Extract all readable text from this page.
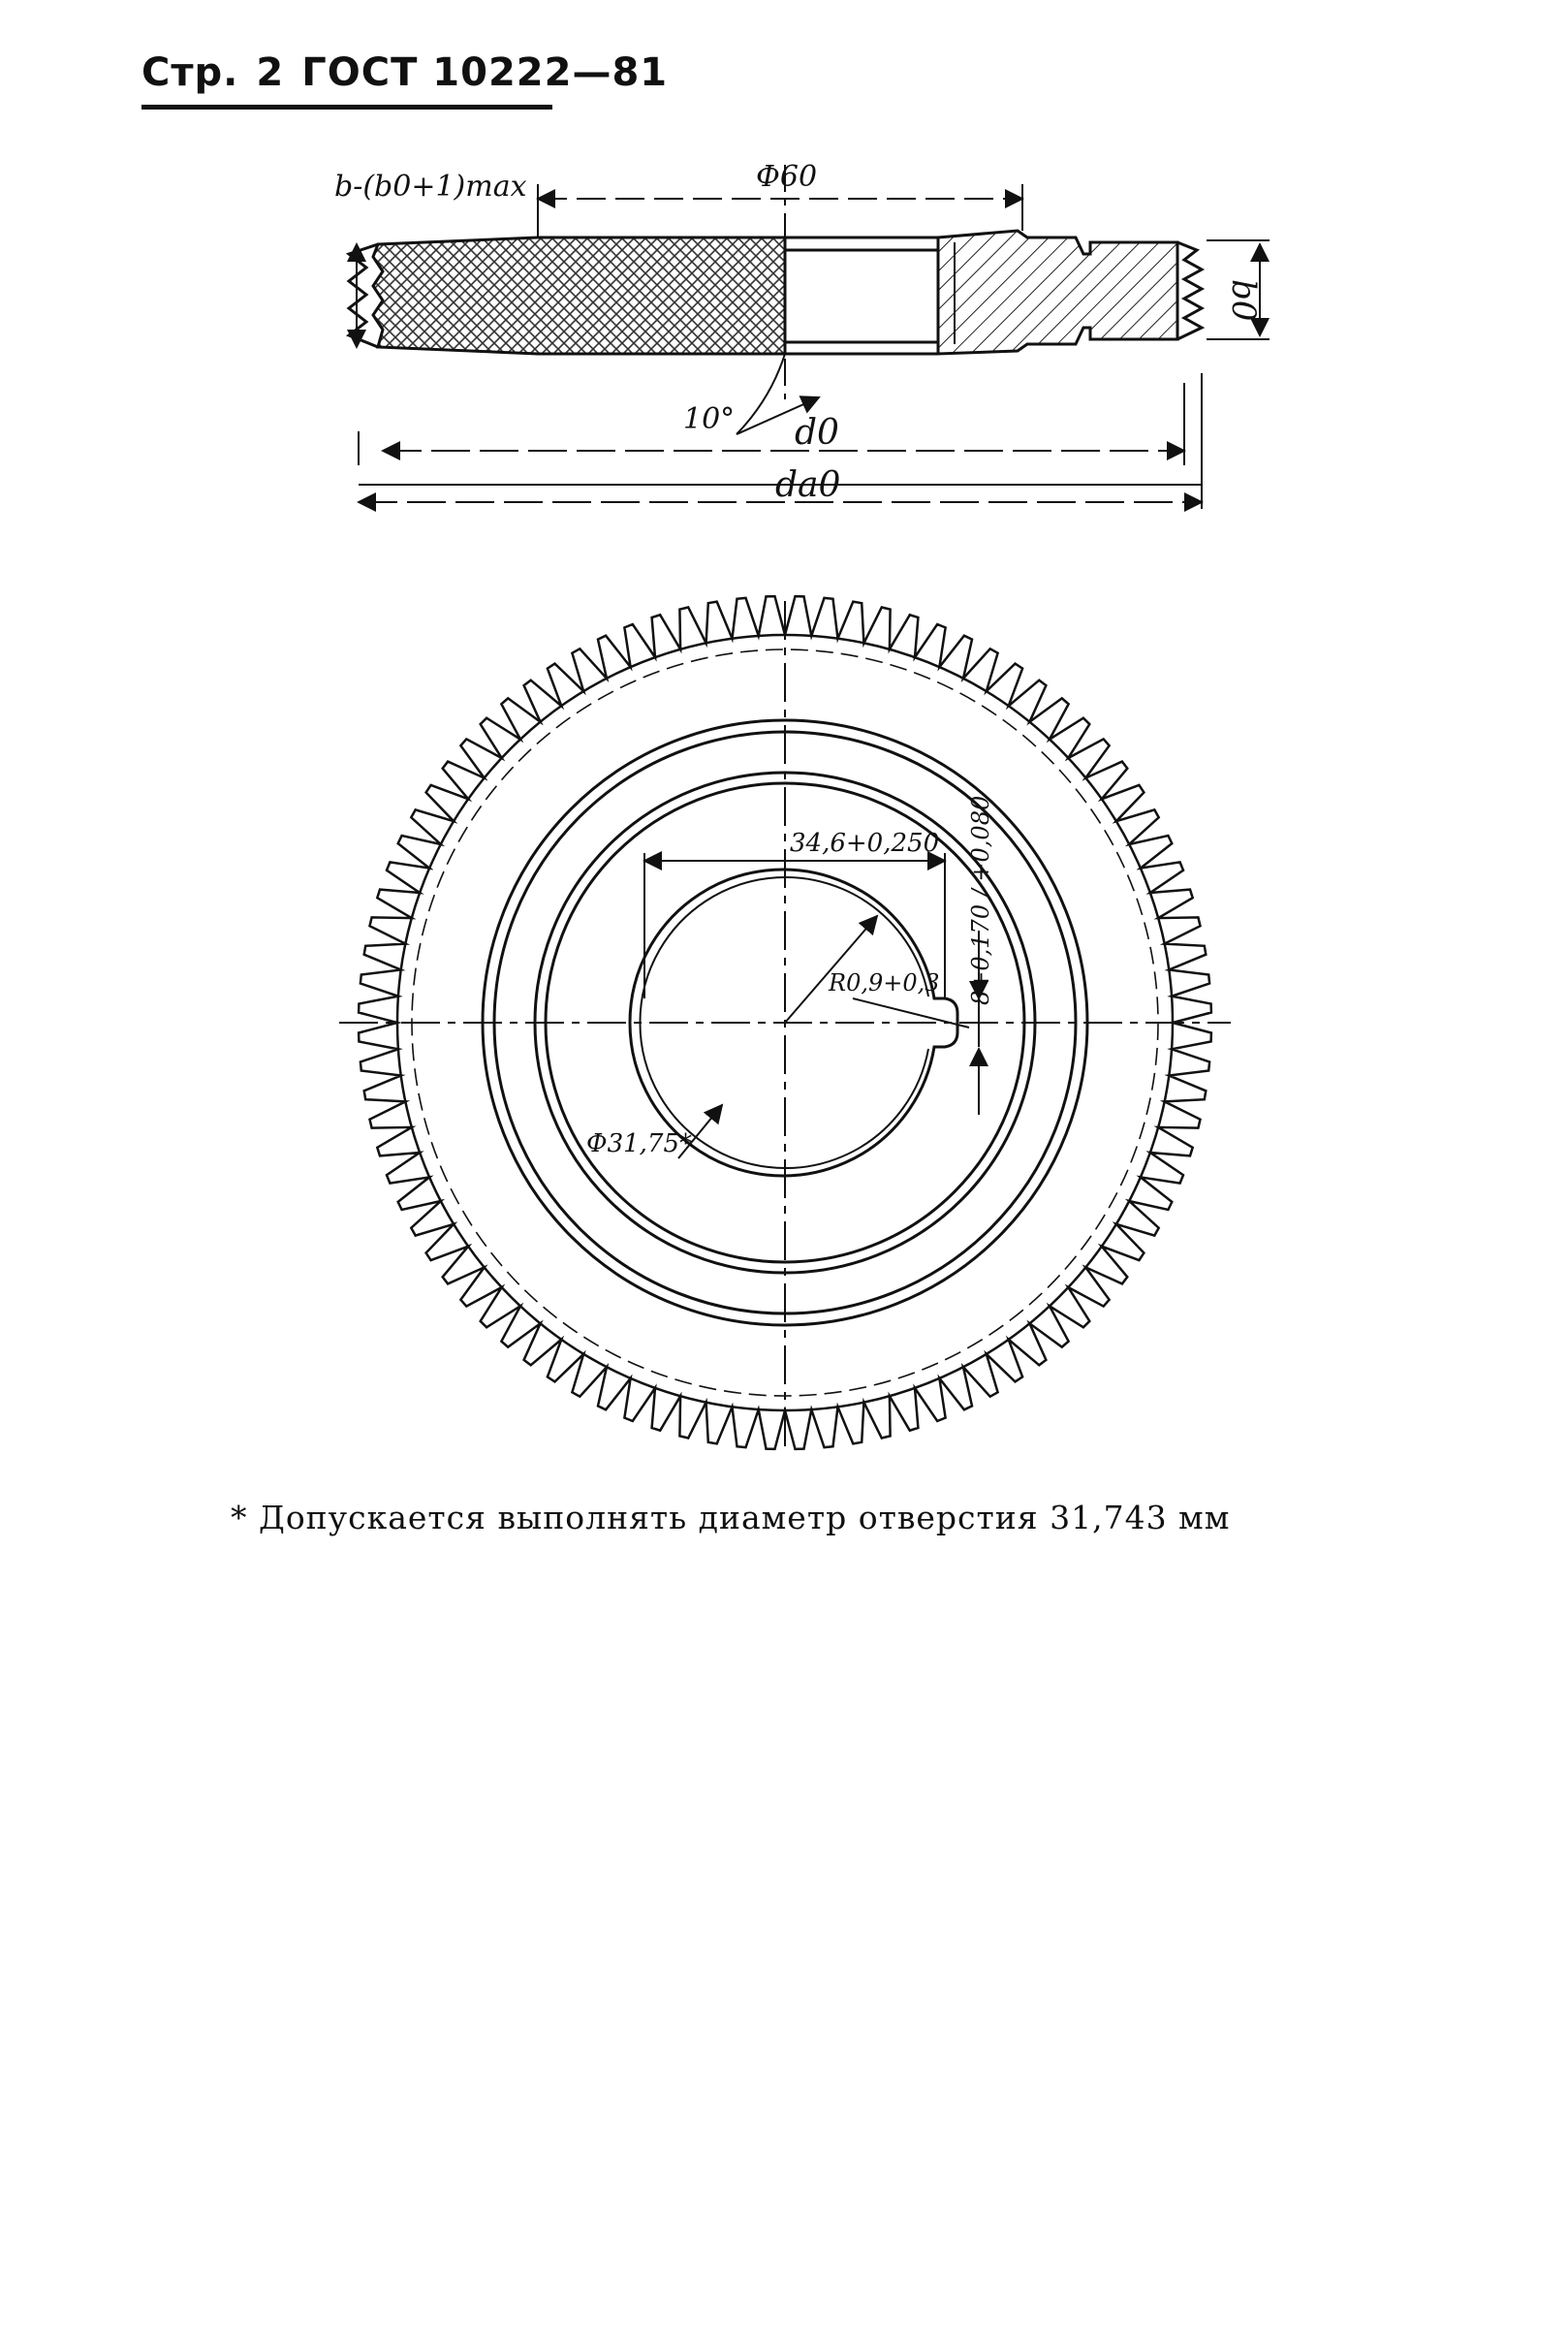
Стр. 2 ГОСТ 10222—81
b0
b-(b0+1)max	Ф60
10° d0
da0
34,6+0,250
R0,9+0,3 8+0,170 / +0,080
Ф31,75*
* Допускается выполнять диаметр отверстия 31,743 мм
